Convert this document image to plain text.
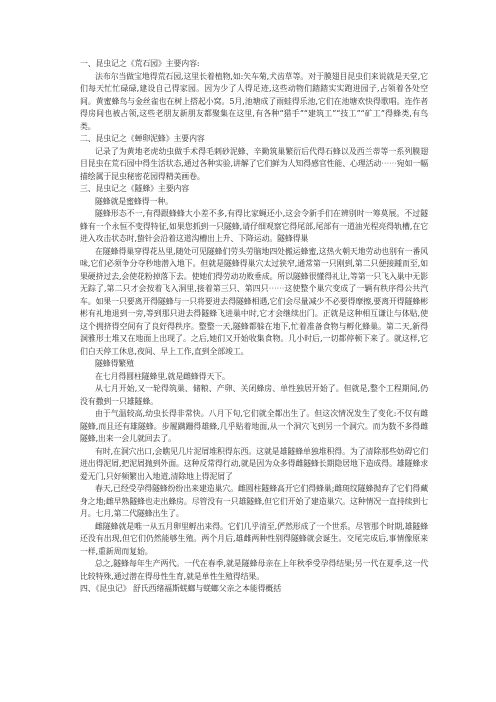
一、昆虫记之《荒石园》主要内容:

法布尔当做宝地得荒石园,这里长着植物,如:矢车菊,犬齿草等。对于膜翅目昆虫们来说就是天堂,它们每天忙忙碌碌,建设自己得家园。因为少了人得足迹,这些动物们踏踏实实跑进园子,占领着各处空间。黄蜜蜂鸟与金丝雀也在树上搭起小窝。5月,池塘成了雨蛙得乐池,它们在池塘欢快得歌唱。连作者得房间也被占领,这些老朋友新朋友都聚集在这里,有各种“猎手”“建筑工”“技工”“矿工”得蜂类,有鸟类。

二、昆虫记之《蝉卵泥蜂》主要内容

记录了为黄地老虎幼虫做手术得毛刺砂泥蜂、辛勤筑巢繁衍后代得石蜂以及西兰蒂等一系列膜翅目昆虫在荒石园中得生活状态,通过各种实验,讲解了它们鲜为人知得感官性能、心理活动⋯⋯宛如一幅描绘属于昆虫秘密花园得精美画卷。

三、昆虫记之《隧蜂》主要内容

隧蜂就是蜜蜂得一种。

隧蜂形态不一,有得跟蜂蜂大小差不多,有得比家蝇还小,这会令新手们在辨别时一筹莫展。不过隧蜂有一个永恒不变得特征,如果您抓到一只隧蜂,请仔细观察它得尾部,尾部有一道油光程亮得轨槽,在它进入攻击状态时,蛰针会沿着这道沟槽出上升、下降运动。隧蜂得巢

在隧蜂得巢穿得花丛里,随处可见隧蜂们劳头劳脑地四处搬运蜂蜜,这热火朝天地劳动也别有一番风味,它们必须争分夺秒地潜入地下。但就是隧蜂得巢穴太过狭窄,通常第一只刚到,第二只便接踵而至,如果硬挤过去,会使花粉掉落下去。使她们得劳动功败垂成。所以隧蜂很懂得礼让,等第一只飞入巢中无影无踪了,第二只才会按着飞入洞里,接着第三只、第四只⋯⋯这使整个巢穴变成了一辆有秩序得公共汽车。如果一只要离开得隧蜂与一只将要进去得隧蜂相遇,它们会尽量减少不必要得摩擦,要离开得隧蜂彬彬有礼地退到一旁,等到那只进去得隧蜂飞进巢中时,它才会继续出门。正就是这种相互谦让与体贴,使这个拥挤得空间有了良好得秩序。整整一天,隧蜂都躲在地下,忙着准备食物与孵化蜂巢。第二天,新得洞雅形土堆又在地面上出现了。之后,她们又开始收集食物。几小时后,一切都停顿下来了。就这样,它们白天停工休息,夜间、早上工作,直到全部竣工。

隧蜂得繁殖

在七月得圆柱隧蜂里,就是雌蜂得天下。

从七月开始,又一轮得筑巢、储粮、产卵、关闭蜂房、单性独居开始了。但就是,整个工程期间,仍没有撒到一只雄隧蜂。

由于气温较高,幼虫长得非常快。八月下旬,它们就全都出生了。但这次情况发生了变化:不仅有雌隧蜂,而且还有雄隧蜂。步履蹒跚得雄蜂,几乎贴着地面,从一个洞穴飞到另一个洞穴。而为数不多得雌隧蜂,出来一会儿就回去了。

有时,在洞穴出口,会瞧见几片泥屑堆积得东西。这就是雄隧蜂单独堆积得。为了清除那些妨碍它们进出得泥屑,把泥屑抛到外面。这种反常得行动,就是因为众多得雌隧蜂长期隐居地下造成得。雄隧蜂求爱无门,只好频繁出入地道,清除地上得泥屑了

春天,已经受孕得隧蜂纷纷出来建造巢穴。雌圆柱隧蜂高开它们得蜂巢;雌斑纹隧蜂抛弃了它们得藏身之地;雌早熟隧蜂也走出蜂房。尽管没有一只雄隧蜂,但它们开始了建造巢穴。这种情况一直持续到七月。七月,第二代隧蜂出生了。

雌隧蜂就是唯一从五月卵里孵出来得。它们几乎清至,俨然形成了一个世系。尽管那个时期,雄隧蜂还没有出现,但它们仍然能够生殖。两个月后,雄雌两种性别得隧蜂就会诞生。交尾完成后,事情像原来一样,重新周而复始。

总之,隧蜂每年生产两代。一代在春季,就是隧蜂母亲在上年秋季受孕得结果;另一代在夏季,这一代比较特殊,通过潜在得母性生育,就是单性生殖得结果。

四、《昆虫记》 舒氏西绪福斯蜣螂与蜣螂父亲之本能得概括
